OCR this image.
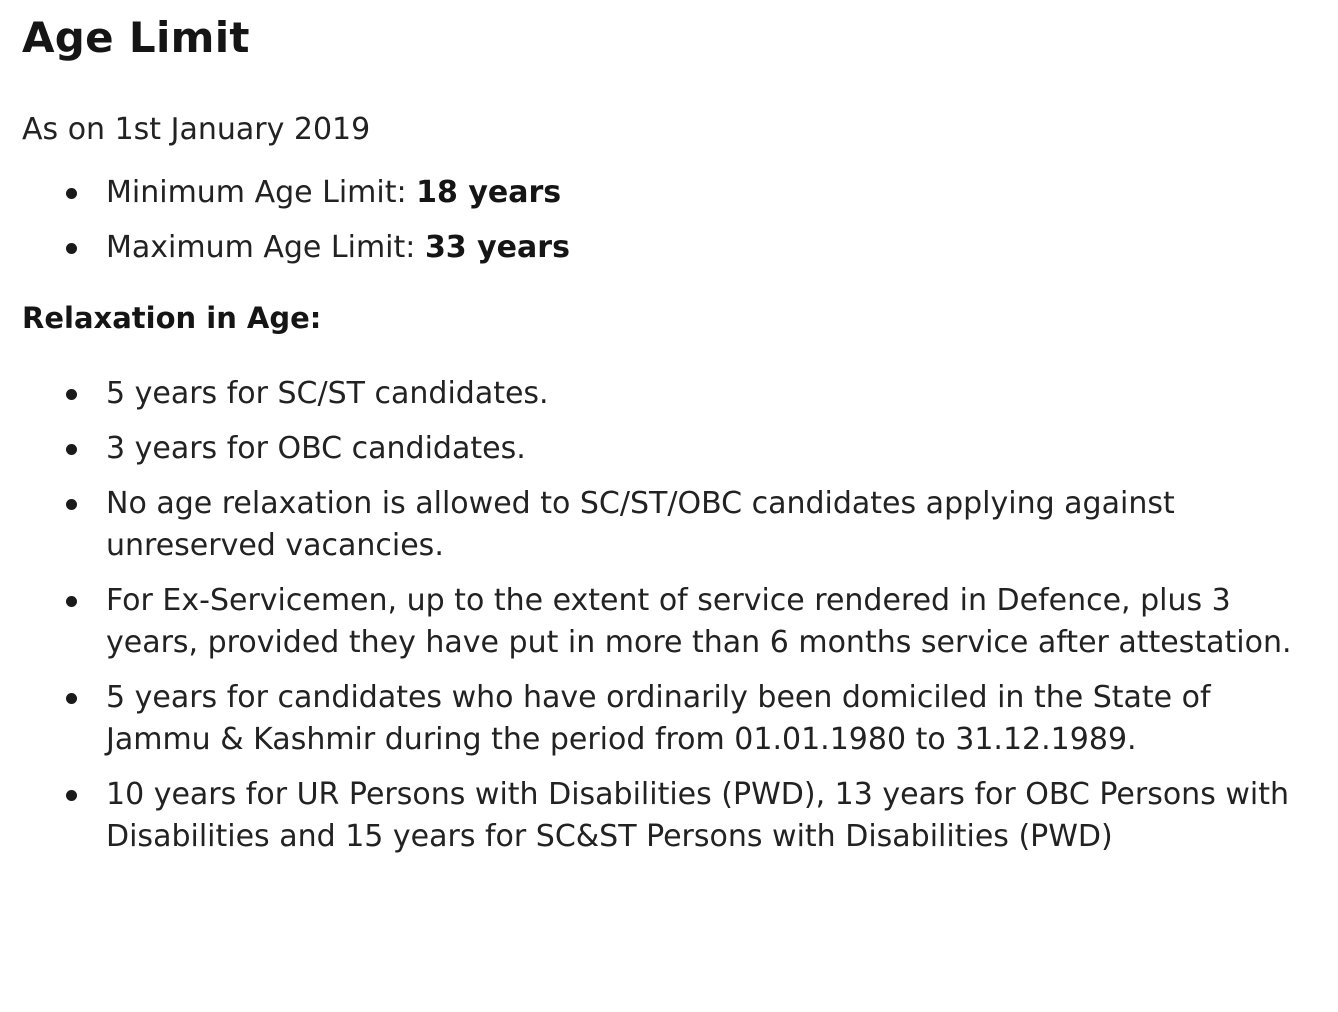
Age Limit

As on 1st January 2019

Minimum Age Limit: 18 years
Maximum Age Limit: 33 years

Relaxation in Age:

5 years for SC/ST candidates.
3 years for OBC candidates.
No age relaxation is allowed to SC/ST/OBC candidates applying against unreserved vacancies.
For Ex-Servicemen, up to the extent of service rendered in Defence, plus 3 years, provided they have put in more than 6 months service after attestation.
5 years for candidates who have ordinarily been domiciled in the State of Jammu & Kashmir during the period from 01.01.1980 to 31.12.1989.
10 years for UR Persons with Disabilities (PWD), 13 years for OBC Persons with Disabilities and 15 years for SC&ST Persons with Disabilities (PWD)
